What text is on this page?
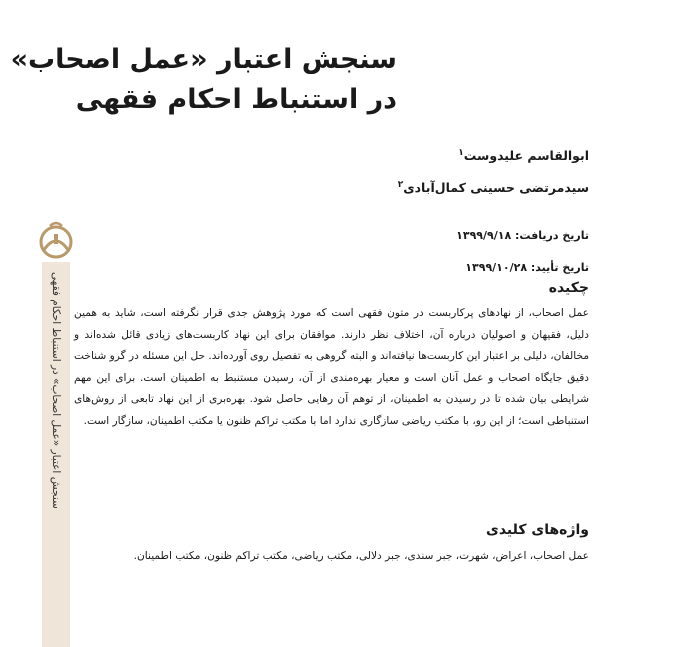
سنجش اعتبار «عمل اصحاب» در استنباط احکام فقهی
سنجش اعتبار «عمل اصحاب»
در استنباط احکام فقهی
ابوالقاسم علیدوست$^۱$
سیدمرتضی حسینی کمال‌آبادی$^۲$
تاریخ دریافت: ۱۳۹۹/۹/۱۸
تاریخ تأیید: ۱۳۹۹/۱۰/۲۸
چکیده
عمل اصحاب، از نهادهای پرکاربست در متون فقهی است که مورد پژوهش جدی قرار نگرفته است، شاید به همین دلیل، فقیهان و اصولیان درباره آن، اختلاف نظر دارند. موافقان برای این نهاد کاربست‌های زیادی قائل شده‌اند و مخالفان، دلیلی بر اعتبار این کاربست‌ها نیافته‌اند و البته گروهی به تفصیل روی آورده‌اند. حل این مسئله در گرو شناخت دقیق جایگاه اصحاب و عمل آنان است و معیار بهره‌مندی از آن، رسیدن مستنبط به اطمینان است. برای این مهم شرایطی بیان شده تا در رسیدن به اطمینان، از توهم آن رهایی حاصل شود. بهره‌بری از این نهاد تابعی از روش‌های استنباطی است؛ از این رو، با مکتب ریاضی سازگاری ندارد اما با مکتب تراکم ظنون یا مکتب اطمینان، سازگار است.
واژه‌های کلیدی
عمل اصحاب، اعراض، شهرت، جبر سندی، جبر دلالی، مکتب ریاضی، مکتب تراکم ظنون، مکتب اطمینان.
